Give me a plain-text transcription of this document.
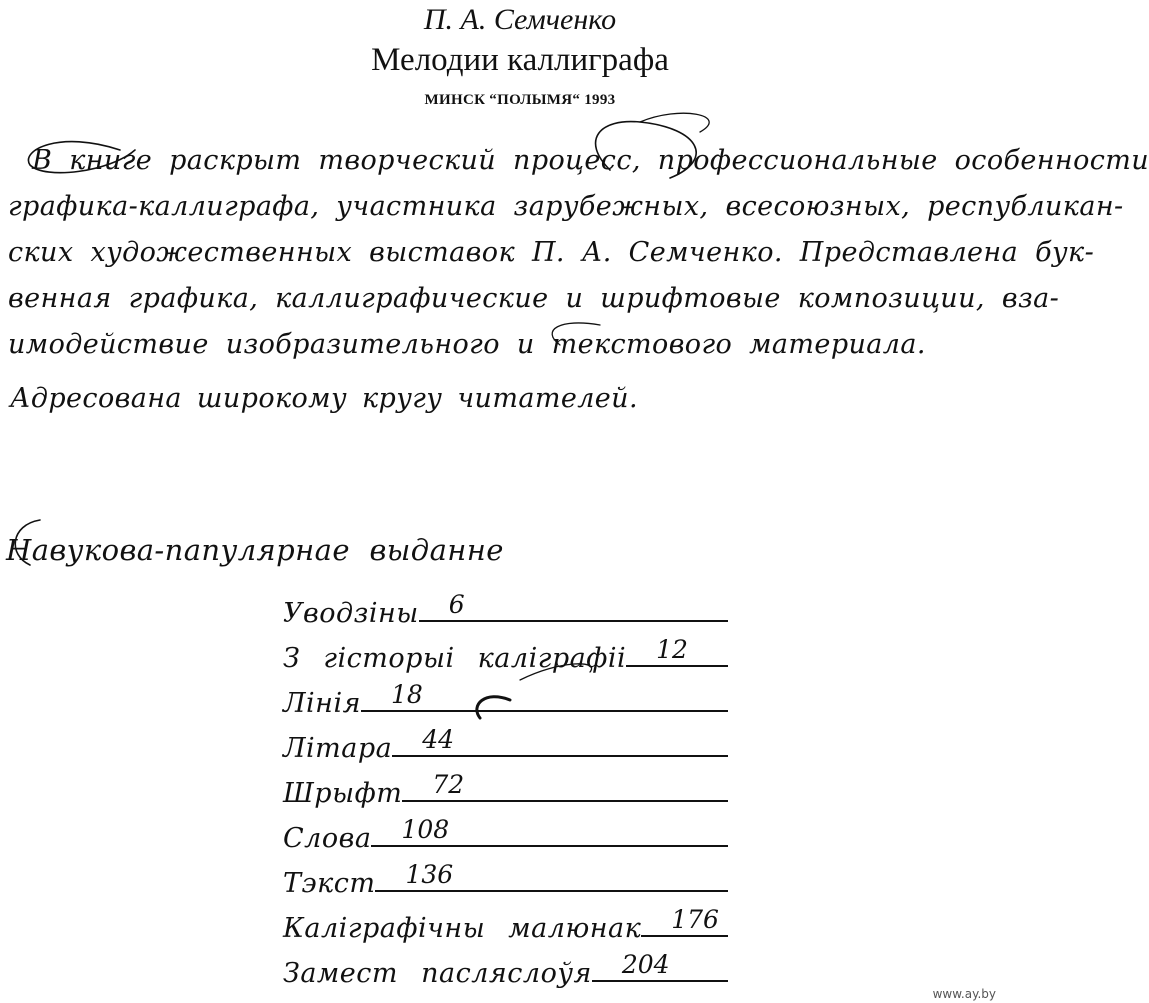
П. А. Семченко
Мелодии каллиграфа
МИНСК “ПОЛЫМЯ“ 1993
В книге раскрыт творческий процесс, профессиональные особенности
графика-каллиграфа, участника зарубежных, всесоюзных, республикан-
ских художественных выставок П. А. Семченко. Представлена бук-
венная графика, каллиграфические и шрифтовые композиции, вза-
имодействие изобразительного и текстового материала.
Адресована широкому кругу читателей.
Навукова-папулярнае выданне
Уводзіны 6
З гісторыі каліграфіі 12
Лінія 18
Літара 44
Шрыфт 72
Слова 108
Тэкст 136
Каліграфічны малюнак 176
Замест пасляслоўя 204
www.ay.by
